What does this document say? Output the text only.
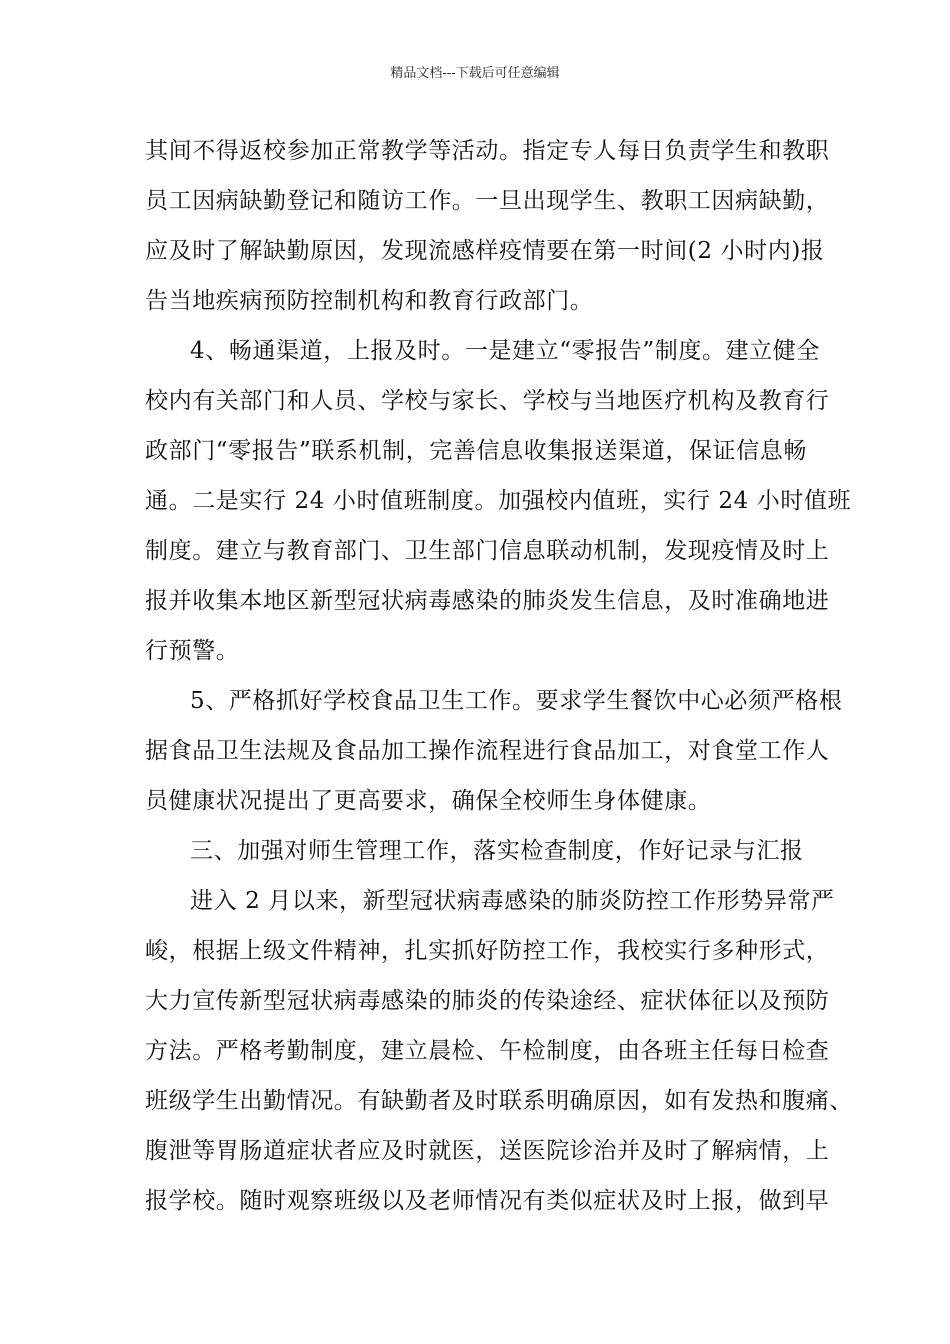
精品文档---下载后可任意编辑
其间不得返校参加正常教学等活动。指定专人每日负责学生和教职
员工因病缺勤登记和随访工作。一旦出现学生、教职工因病缺勤，
应及时了解缺勤原因，发现流感样疫情要在第一时间(2 小时内)报
告当地疾病预防控制机构和教育行政部门。
4、畅通渠道，上报及时。一是建立“零报告”制度。建立健全
校内有关部门和人员、学校与家长、学校与当地医疗机构及教育行
政部门“零报告”联系机制，完善信息收集报送渠道，保证信息畅
通。二是实行 24 小时值班制度。加强校内值班，实行 24 小时值班
制度。建立与教育部门、卫生部门信息联动机制，发现疫情及时上
报并收集本地区新型冠状病毒感染的肺炎发生信息，及时准确地进
行预警。
5、严格抓好学校食品卫生工作。要求学生餐饮中心必须严格根
据食品卫生法规及食品加工操作流程进行食品加工，对食堂工作人
员健康状况提出了更高要求，确保全校师生身体健康。
三、加强对师生管理工作，落实检查制度，作好记录与汇报
进入 2 月以来，新型冠状病毒感染的肺炎防控工作形势异常严
峻，根据上级文件精神，扎实抓好防控工作，我校实行多种形式，
大力宣传新型冠状病毒感染的肺炎的传染途经、症状体征以及预防
方法。严格考勤制度，建立晨检、午检制度，由各班主任每日检查
班级学生出勤情况。有缺勤者及时联系明确原因，如有发热和腹痛、
腹泄等胃肠道症状者应及时就医，送医院诊治并及时了解病情，上
报学校。随时观察班级以及老师情况有类似症状及时上报，做到早
